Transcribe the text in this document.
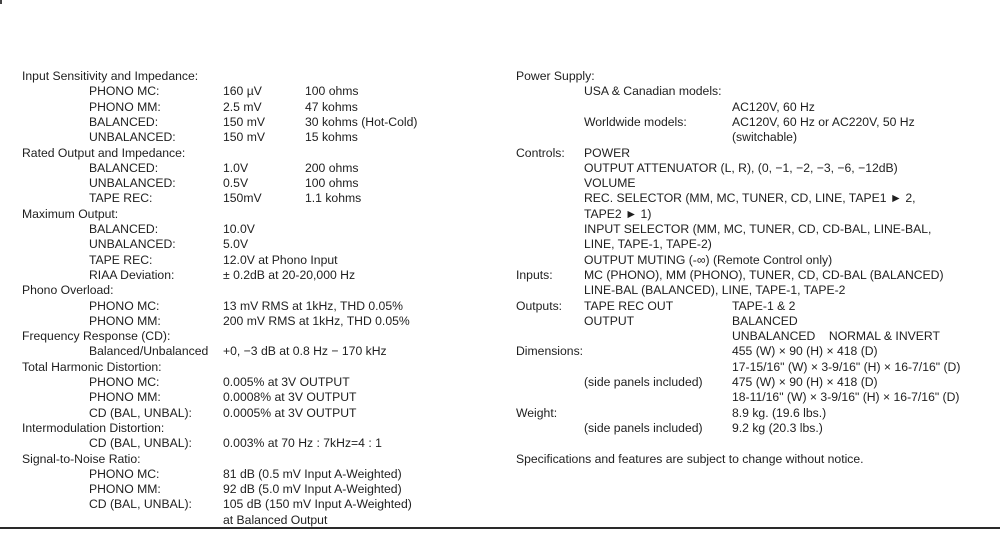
Input Sensitivity and Impedance:
PHONO MC:	160 µV	100 ohms
PHONO MM:	2.5 mV	47 kohms
BALANCED:	150 mV	30 kohms (Hot-Cold)
UNBALANCED:	150 mV	15 kohms
Rated Output and Impedance:
BALANCED:	1.0V	200 ohms
UNBALANCED:	0.5V	100 ohms
TAPE REC:	150mV	1.1 kohms
Maximum Output:
BALANCED:	10.0V
UNBALANCED:	5.0V
TAPE REC:	12.0V at Phono Input
RIAA Deviation:	± 0.2dB at 20-20,000 Hz
Phono Overload:
PHONO MC:	13 mV RMS at 1kHz, THD 0.05%
PHONO MM:	200 mV RMS at 1kHz, THD 0.05%
Frequency Response (CD):
Balanced/Unbalanced +0, −3 dB at 0.8 Hz − 170 kHz
Total Harmonic Distortion:
PHONO MC:	0.005% at 3V OUTPUT
PHONO MM:	0.0008% at 3V OUTPUT
CD (BAL, UNBAL):	0.0005% at 3V OUTPUT
Intermodulation Distortion:
CD (BAL, UNBAL):	0.003% at 70 Hz : 7kHz=4 : 1
Signal-to-Noise Ratio:
PHONO MC:	81 dB (0.5 mV Input A-Weighted)
PHONO MM:	92 dB (5.0 mV Input A-Weighted)
CD (BAL, UNBAL):	105 dB (150 mV Input A-Weighted)
at Balanced Output
Power Supply:
USA & Canadian models:
AC120V, 60 Hz
Worldwide models:	AC120V, 60 Hz or AC220V, 50 Hz
(switchable)
Controls: POWER
OUTPUT ATTENUATOR (L, R), (0, −1, −2, −3, −6, −12dB)
VOLUME
REC. SELECTOR (MM, MC, TUNER, CD, LINE, TAPE1 ► 2,
TAPE2 ► 1)
INPUT SELECTOR (MM, MC, TUNER, CD, CD-BAL, LINE-BAL,
LINE, TAPE-1, TAPE-2)
OUTPUT MUTING (-∞) (Remote Control only)
Inputs:	MC (PHONO), MM (PHONO), TUNER, CD, CD-BAL (BALANCED)
LINE-BAL (BALANCED), LINE, TAPE-1, TAPE-2
Outputs: TAPE REC OUT	TAPE-1 & 2
OUTPUT	BALANCED
UNBALANCED    NORMAL & INVERT
Dimensions:	455 (W) × 90 (H) × 418 (D)
17-15/16" (W) × 3-9/16" (H) × 16-7/16" (D)
(side panels included) 475 (W) × 90 (H) × 418 (D)
18-11/16" (W) × 3-9/16" (H) × 16-7/16" (D)
Weight:	8.9 kg. (19.6 lbs.)
(side panels included) 9.2 kg (20.3 lbs.)
Specifications and features are subject to change without notice.
